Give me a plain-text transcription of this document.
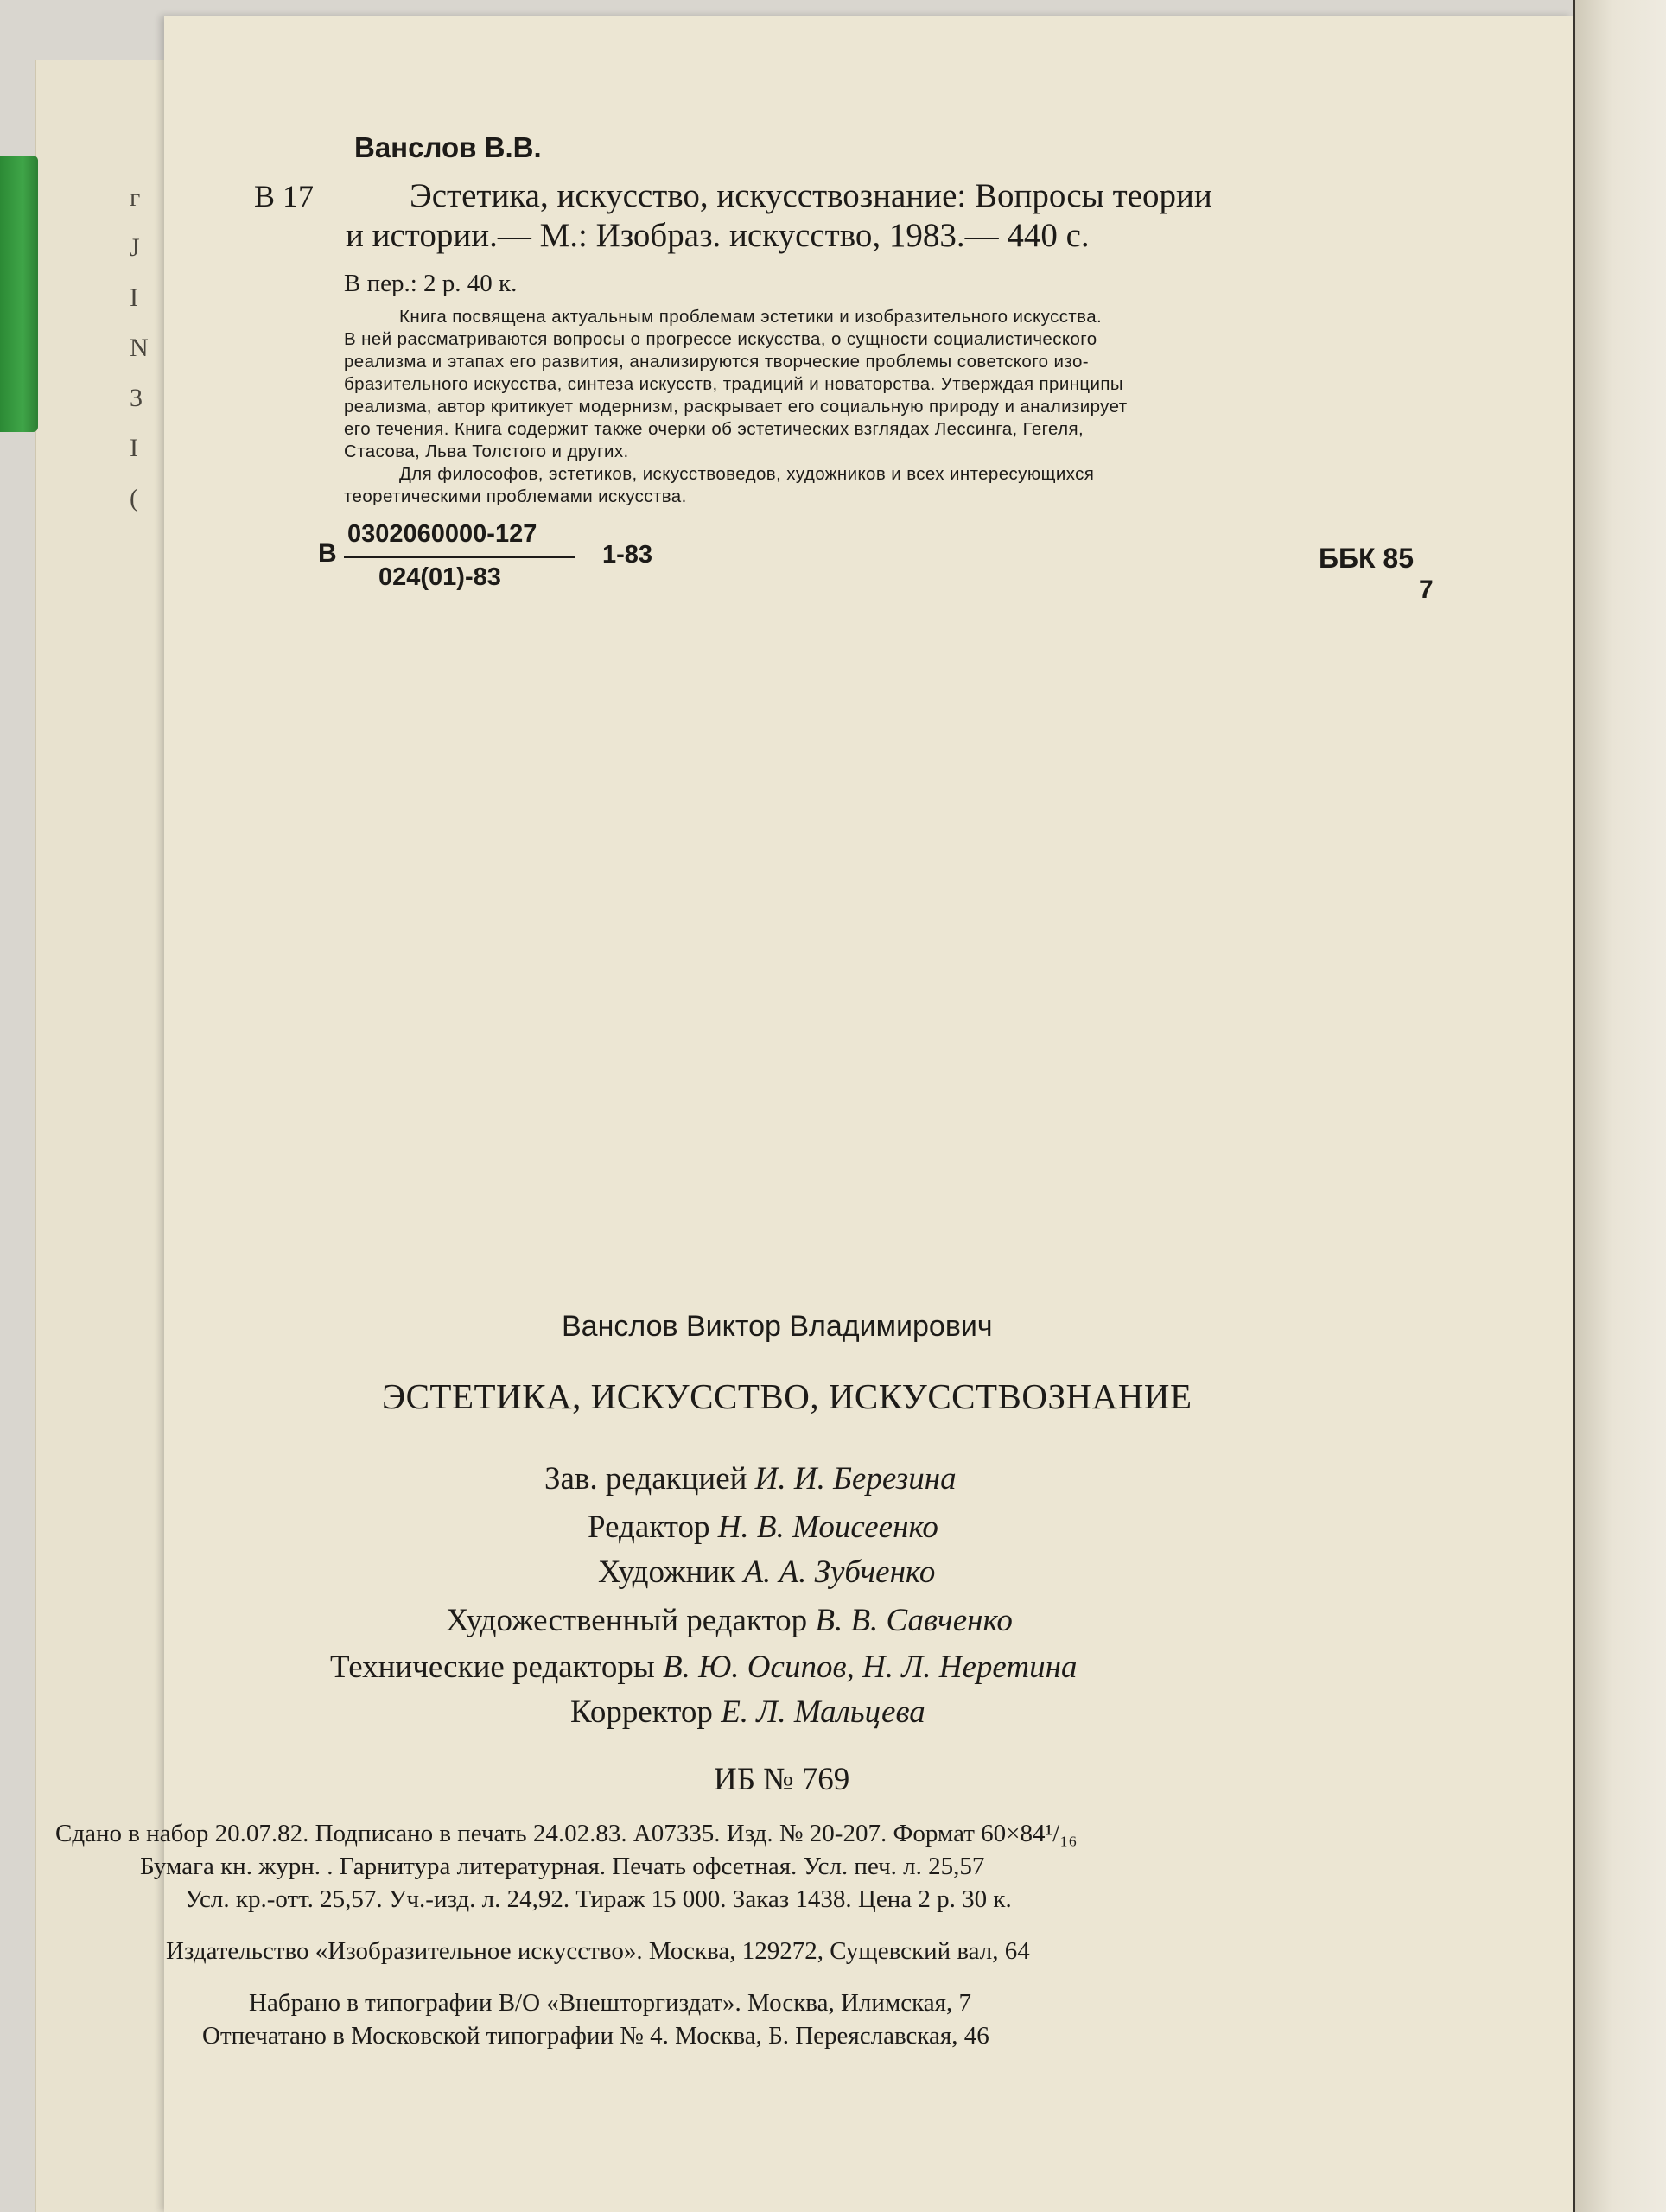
г
J
I
N
3
I
(
Ванслов В.В.
В 17	Эстетика, искусство, искусствознание: Вопросы теории
и истории.— М.: Изобраз. искусство, 1983.— 440 с.
В пер.: 2 р. 40 к.
Книга посвящена актуальным проблемам эстетики и изобразительного искусства.
В ней рассматриваются вопросы о прогрессе искусства, о сущности социалистического
реализма и этапах его развития, анализируются творческие проблемы советского изо-
бразительного искусства, синтеза искусств, традиций и новаторства. Утверждая принципы
реализма, автор критикует модернизм, раскрывает его социальную природу и анализирует
его течения. Книга содержит также очерки об эстетических взглядах Лессинга, Гегеля,
Стасова, Льва Толстого и других.
Для философов, эстетиков, искусствоведов, художников и всех интересующихся
теоретическими проблемами искусства.
В
0302060000-127
024(01)-83
1-83	ББК 85
7
Ванслов Виктор Владимирович
ЭСТЕТИКА, ИСКУССТВО, ИСКУССТВОЗНАНИЕ
Зав. редакцией И. И. Березина
Редактор Н. В. Моисеенко
Художник А. А. Зубченко
Художественный редактор В. В. Савченко
Технические редакторы В. Ю. Осипов, Н. Л. Неретина
Корректор Е. Л. Мальцева
ИБ № 769
Сдано в набор 20.07.82. Подписано в печать 24.02.83. А07335. Изд. № 20-207. Формат 60×84¹/₁₆
Бумага кн. журн. . Гарнитура литературная. Печать офсетная. Усл. печ. л. 25,57
Усл. кр.-отт. 25,57. Уч.-изд. л. 24,92. Тираж 15 000. Заказ 1438. Цена 2 р. 30 к.
Издательство «Изобразительное искусство». Москва, 129272, Сущевский вал, 64
Набрано в типографии В/О «Внешторгиздат». Москва, Илимская, 7
Отпечатано в Московской типографии № 4. Москва, Б. Переяславская, 46
